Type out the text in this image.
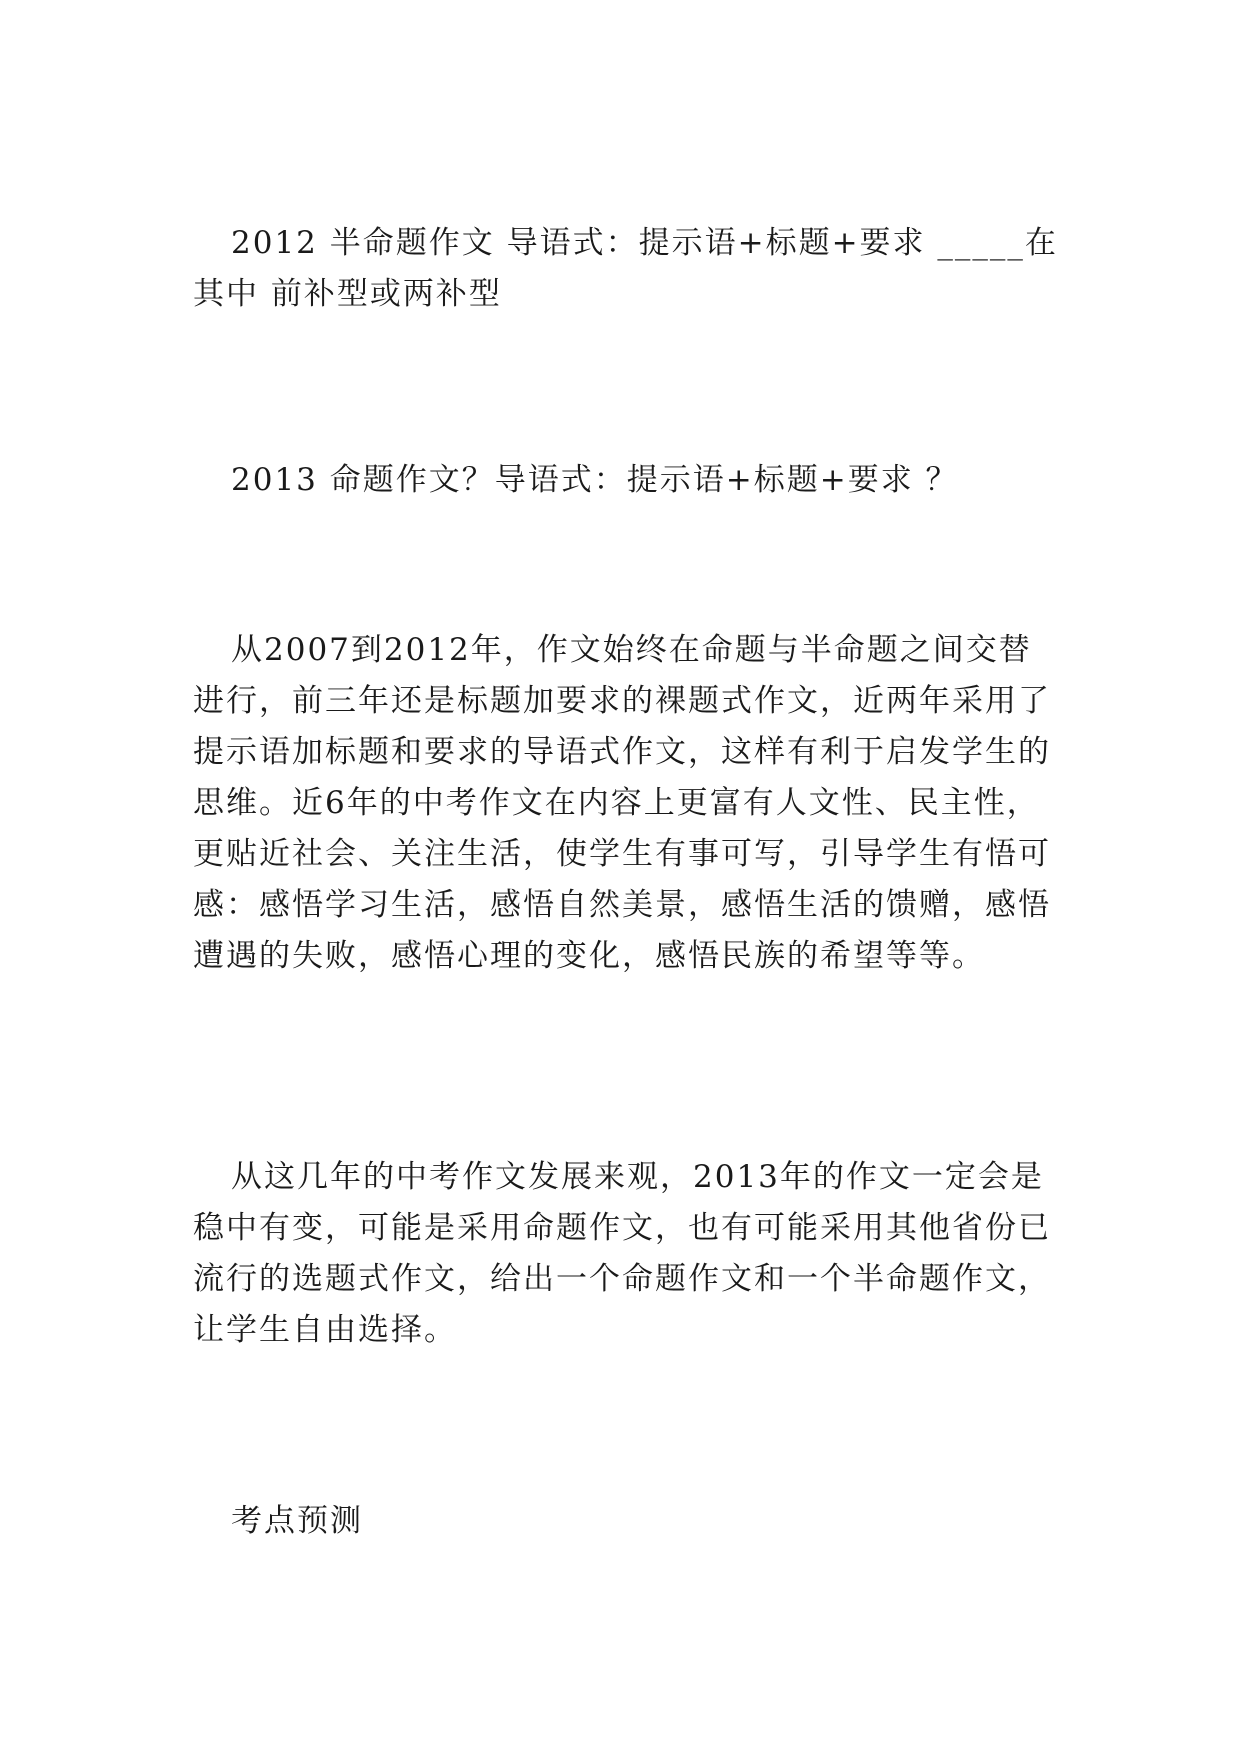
2012 半命题作文 导语式：提示语+标题+要求 _____在其中 前补型或两补型

2013 命题作文？导语式：提示语+标题+要求 ？

从2007到2012年，作文始终在命题与半命题之间交替进行，前三年还是标题加要求的裸题式作文，近两年采用了提示语加标题和要求的导语式作文，这样有利于启发学生的思维。近6年的中考作文在内容上更富有人文性、民主性，更贴近社会、关注生活，使学生有事可写，引导学生有悟可感：感悟学习生活，感悟自然美景，感悟生活的馈赠，感悟遭遇的失败，感悟心理的变化，感悟民族的希望等等。

从这几年的中考作文发展来观，2013年的作文一定会是稳中有变，可能是采用命题作文，也有可能采用其他省份已流行的选题式作文，给出一个命题作文和一个半命题作文，让学生自由选择。

考点预测
